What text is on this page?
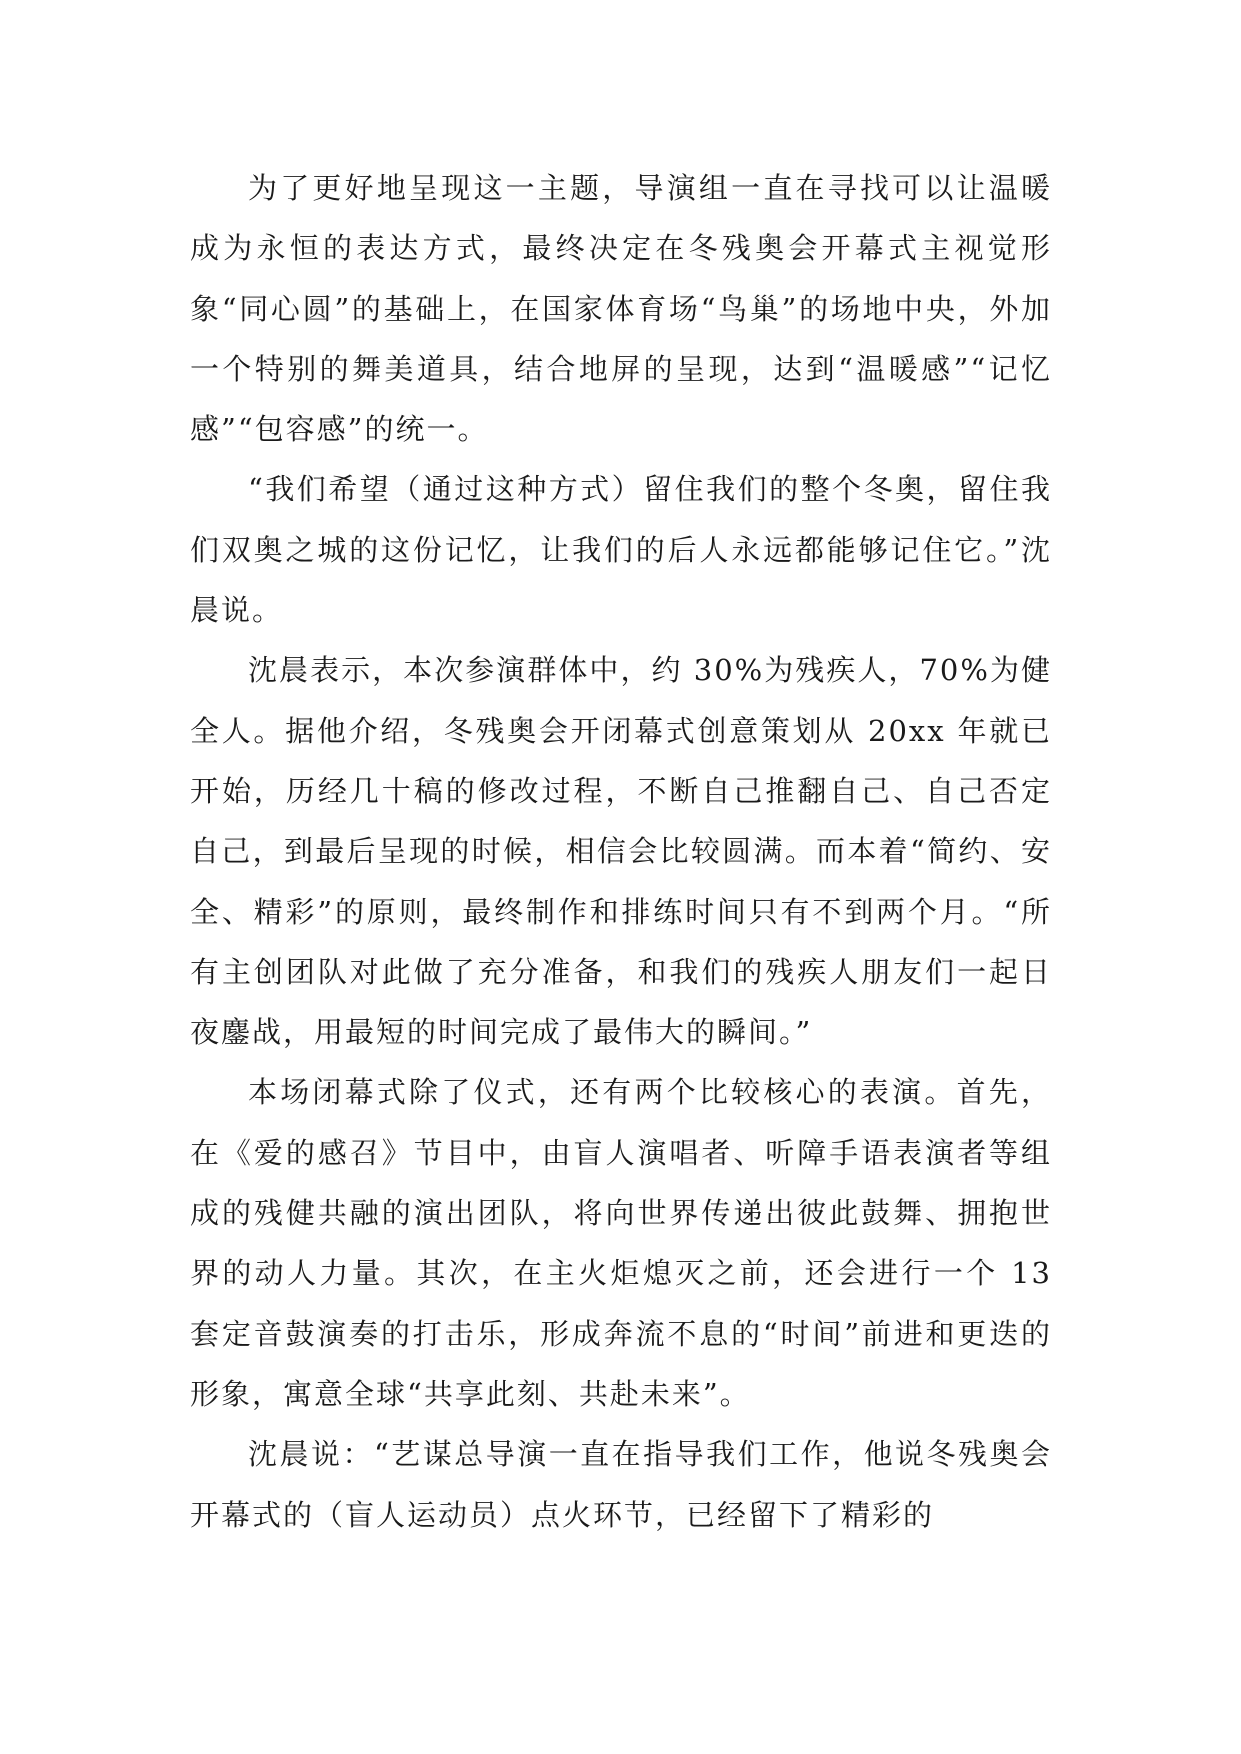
为了更好地呈现这一主题，导演组一直在寻找可以让温暖成为永恒的表达方式，最终决定在冬残奥会开幕式主视觉形象“同心圆”的基础上，在国家体育场“鸟巢”的场地中央，外加一个特别的舞美道具，结合地屏的呈现，达到“温暖感”“记忆感”“包容感”的统一。

“我们希望（通过这种方式）留住我们的整个冬奥，留住我们双奥之城的这份记忆，让我们的后人永远都能够记住它。”沈晨说。

沈晨表示，本次参演群体中，约 30%为残疾人，70%为健全人。据他介绍，冬残奥会开闭幕式创意策划从 20xx 年就已开始，历经几十稿的修改过程，不断自己推翻自己、自己否定自己，到最后呈现的时候，相信会比较圆满。而本着“简约、安全、精彩”的原则，最终制作和排练时间只有不到两个月。“所有主创团队对此做了充分准备，和我们的残疾人朋友们一起日夜鏖战，用最短的时间完成了最伟大的瞬间。”

本场闭幕式除了仪式，还有两个比较核心的表演。首先，在《爱的感召》节目中，由盲人演唱者、听障手语表演者等组成的残健共融的演出团队，将向世界传递出彼此鼓舞、拥抱世界的动人力量。其次，在主火炬熄灭之前，还会进行一个 13 套定音鼓演奏的打击乐，形成奔流不息的“时间”前进和更迭的形象，寓意全球“共享此刻、共赴未来”。

沈晨说：“艺谋总导演一直在指导我们工作，他说冬残奥会开幕式的（盲人运动员）点火环节，已经留下了精彩的
